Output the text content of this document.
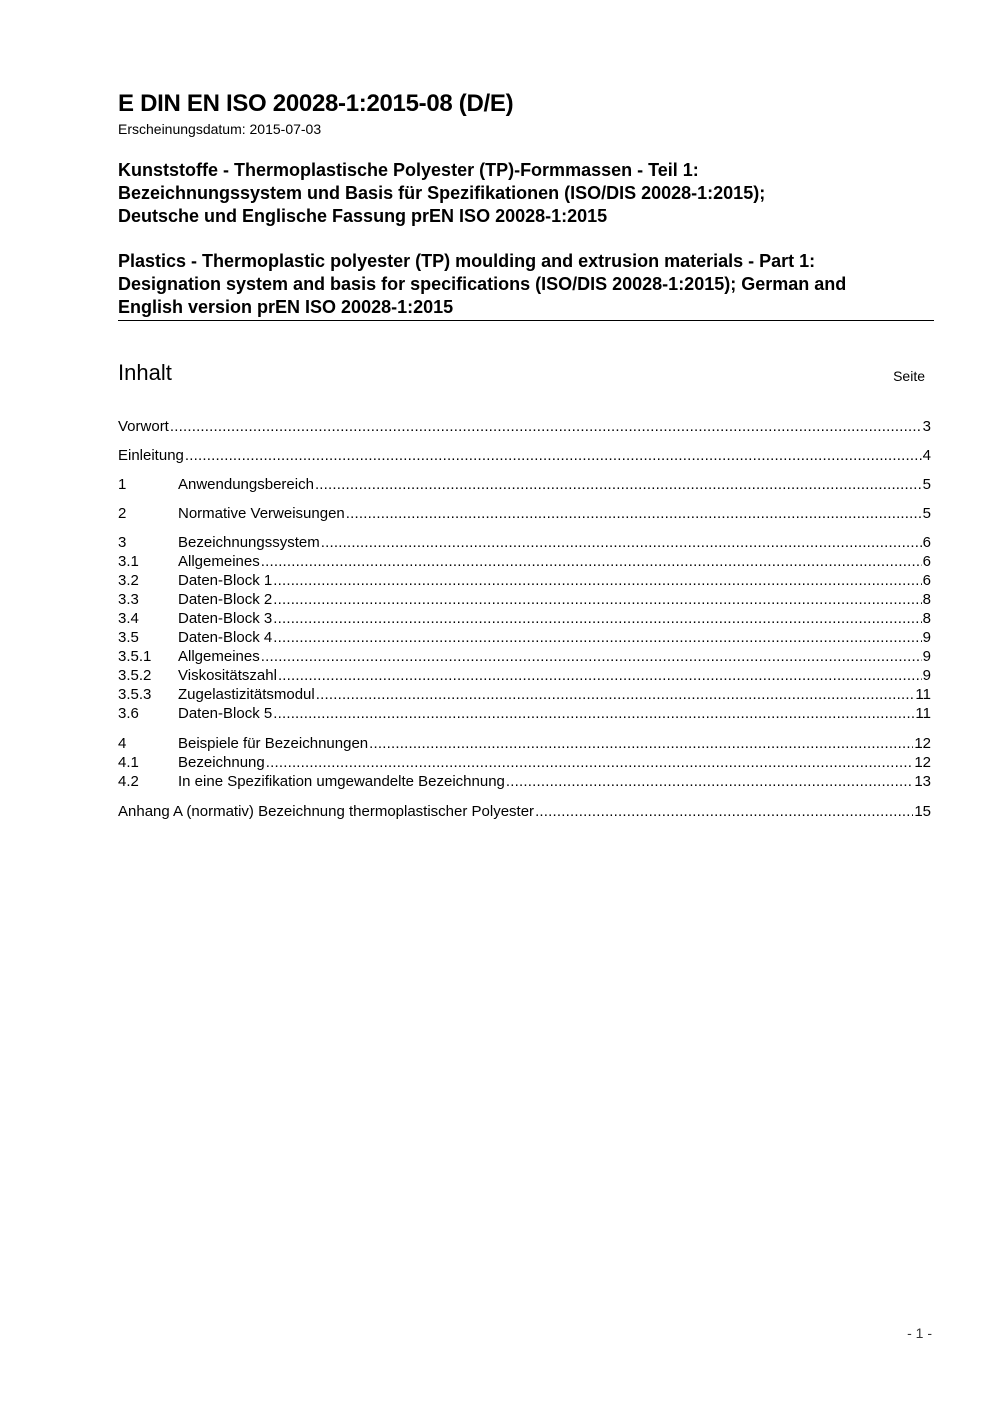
E DIN EN ISO 20028-1:2015-08 (D/E)
Erscheinungsdatum: 2015-07-03
Kunststoffe - Thermoplastische Polyester (TP)-Formmassen - Teil 1:
Bezeichnungssystem und Basis für Spezifikationen (ISO/DIS 20028-1:2015);
Deutsche und Englische Fassung prEN ISO 20028-1:2015
Plastics - Thermoplastic polyester (TP) moulding and extrusion materials - Part 1:
Designation system and basis for specifications (ISO/DIS 20028-1:2015); German and
English version prEN ISO 20028-1:2015
Inhalt	Seite
Vorwort .....	3
Einleitung .....	4
1	Anwendungsbereich .....	5
2	Normative Verweisungen .....	5
3	Bezeichnungssystem .....	6
3.1	Allgemeines .....	6
3.2	Daten-Block 1 .....	6
3.3	Daten-Block 2 .....	8
3.4	Daten-Block 3 .....	8
3.5	Daten-Block 4 .....	9
3.5.1	Allgemeines .....	9
3.5.2	Viskositätszahl .....	9
3.5.3	Zugelastizitätsmodul .....	11
3.6	Daten-Block 5 .....	11
4	Beispiele für Bezeichnungen .....	12
4.1	Bezeichnung .....	12
4.2	In eine Spezifikation umgewandelte Bezeichnung .....	13
Anhang A (normativ) Bezeichnung thermoplastischer Polyester .....	15
- 1 -
